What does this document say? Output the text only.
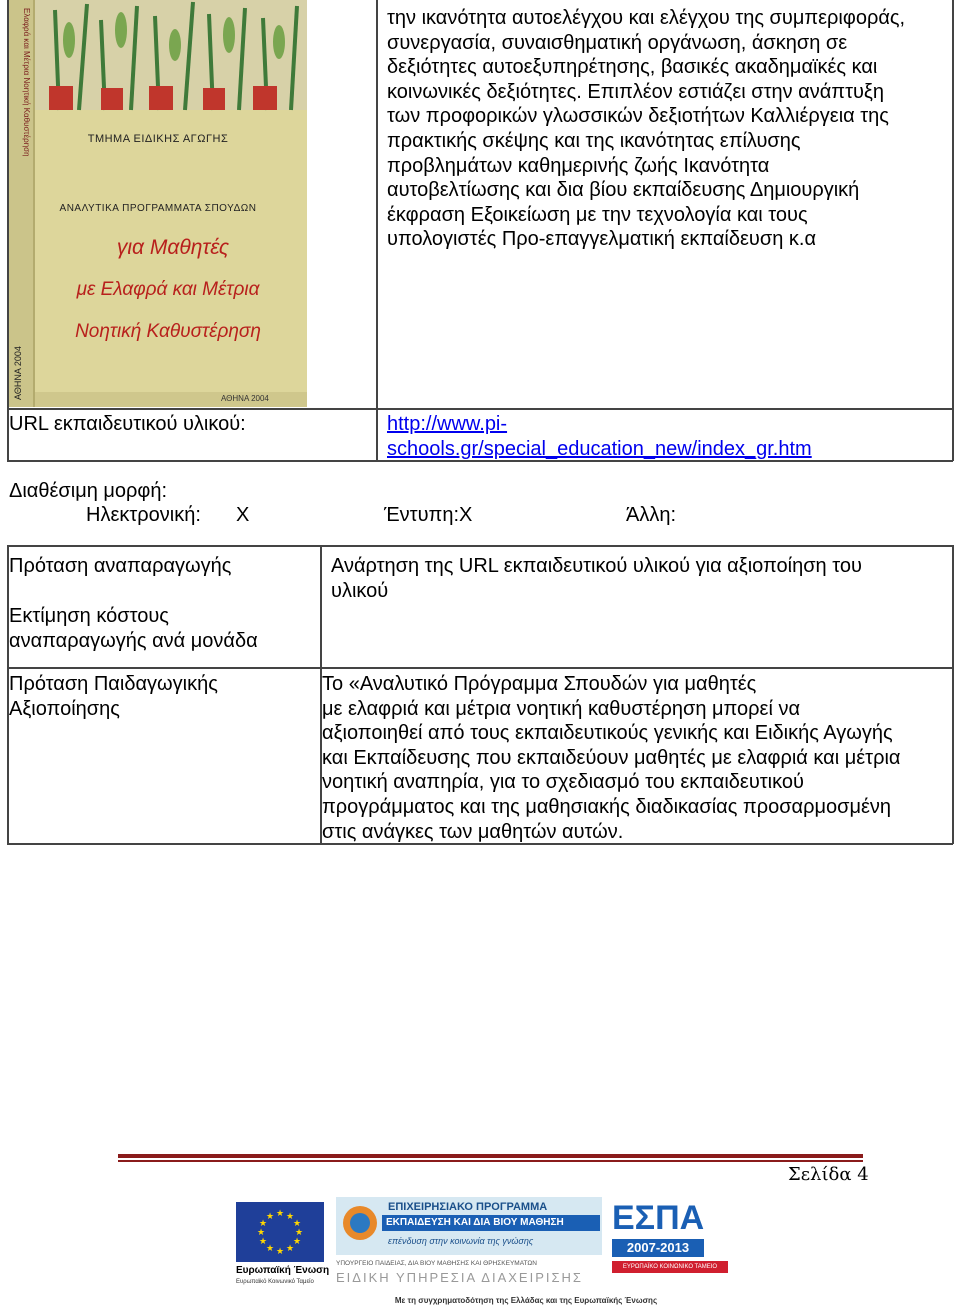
Ελαφρά και Μέτρια Νοητική Καθυστέρηση
ΑΘΗΝΑ 2004
ΤΜΗΜΑ ΕΙΔΙΚΗΣ ΑΓΩΓΗΣ
ΑΝΑΛΥΤΙΚΑ ΠΡΟΓΡΑΜΜΑΤΑ ΣΠΟΥΔΩΝ
για Μαθητές
με Ελαφρά και Μέτρια
Νοητική Καθυστέρηση
ΑΘΗΝΑ 2004
την ικανότητα αυτοελέγχου και ελέγχου της συμπεριφοράς,
συνεργασία, συναισθηματική οργάνωση, άσκηση σε
δεξιότητες αυτοεξυπηρέτησης, βασικές ακαδημαϊκές και
κοινωνικές δεξιότητες. Επιπλέον εστιάζει στην ανάπτυξη
των προφορικών γλωσσικών δεξιοτήτων Καλλιέργεια της
πρακτικής σκέψης και της ικανότητας επίλυσης
προβλημάτων καθημερινής ζωής Ικανότητα
αυτοβελτίωσης και δια βίου εκπαίδευσης Δημιουργική
έκφραση Εξοικείωση με την τεχνολογία και τους
υπολογιστές Προ-επαγγελματική εκπαίδευση κ.α
URL εκπαιδευτικού υλικού:	http://www.pi-
schools.gr/special_education_new/index_gr.htm
Διαθέσιμη μορφή:
Ηλεκτρονική: Χ	Έντυπη:Χ	Άλλη:
Πρόταση αναπαραγωγής	Ανάρτηση της URL εκπαιδευτικού υλικού για αξιοποίηση του
υλικού
Εκτίμηση κόστους
αναπαραγωγής ανά μονάδα
Πρόταση Παιδαγωγικής
Αξιοποίησης
Το «Αναλυτικό Πρόγραμμα Σπουδών για μαθητές
με ελαφριά και μέτρια νοητική καθυστέρηση μπορεί να
αξιοποιηθεί από τους εκπαιδευτικούς γενικής και Ειδικής Αγωγής
και Εκπαίδευσης που εκπαιδεύουν μαθητές με ελαφριά και μέτρια
νοητική αναπηρία, για το σχεδιασμό του εκπαιδευτικού
προγράμματος και της μαθησιακής διαδικασίας προσαρμοσμένη
στις ανάγκες των μαθητών αυτών.
Σελίδα 4
★ ★
★
★
★
★
★
★
★
★
★
★
Ευρωπαϊκή Ένωση
Ευρωπαϊκό Κοινωνικό Ταμείο
ΕΠΙΧΕΙΡΗΣΙΑΚΟ ΠΡΟΓΡΑΜΜΑ
ΕΚΠΑΙΔΕΥΣΗ ΚΑΙ ΔΙΑ ΒΙΟΥ ΜΑΘΗΣΗ
επένδυση στην κοινωνία της γνώσης
ΥΠΟΥΡΓΕΙΟ ΠΑΙΔΕΙΑΣ, ΔΙΑ ΒΙΟΥ ΜΑΘΗΣΗΣ ΚΑΙ ΘΡΗΣΚΕΥΜΑΤΩΝ
ΕΙΔΙΚΗ ΥΠΗΡΕΣΙΑ ΔΙΑΧΕΙΡΙΣΗΣ
ΕΣΠΑ
2007-2013
ΕΥΡΩΠΑΪΚΟ ΚΟΙΝΩΝΙΚΟ ΤΑΜΕΙΟ
Με τη συγχρηματοδότηση της Ελλάδας και της Ευρωπαϊκής Ένωσης
